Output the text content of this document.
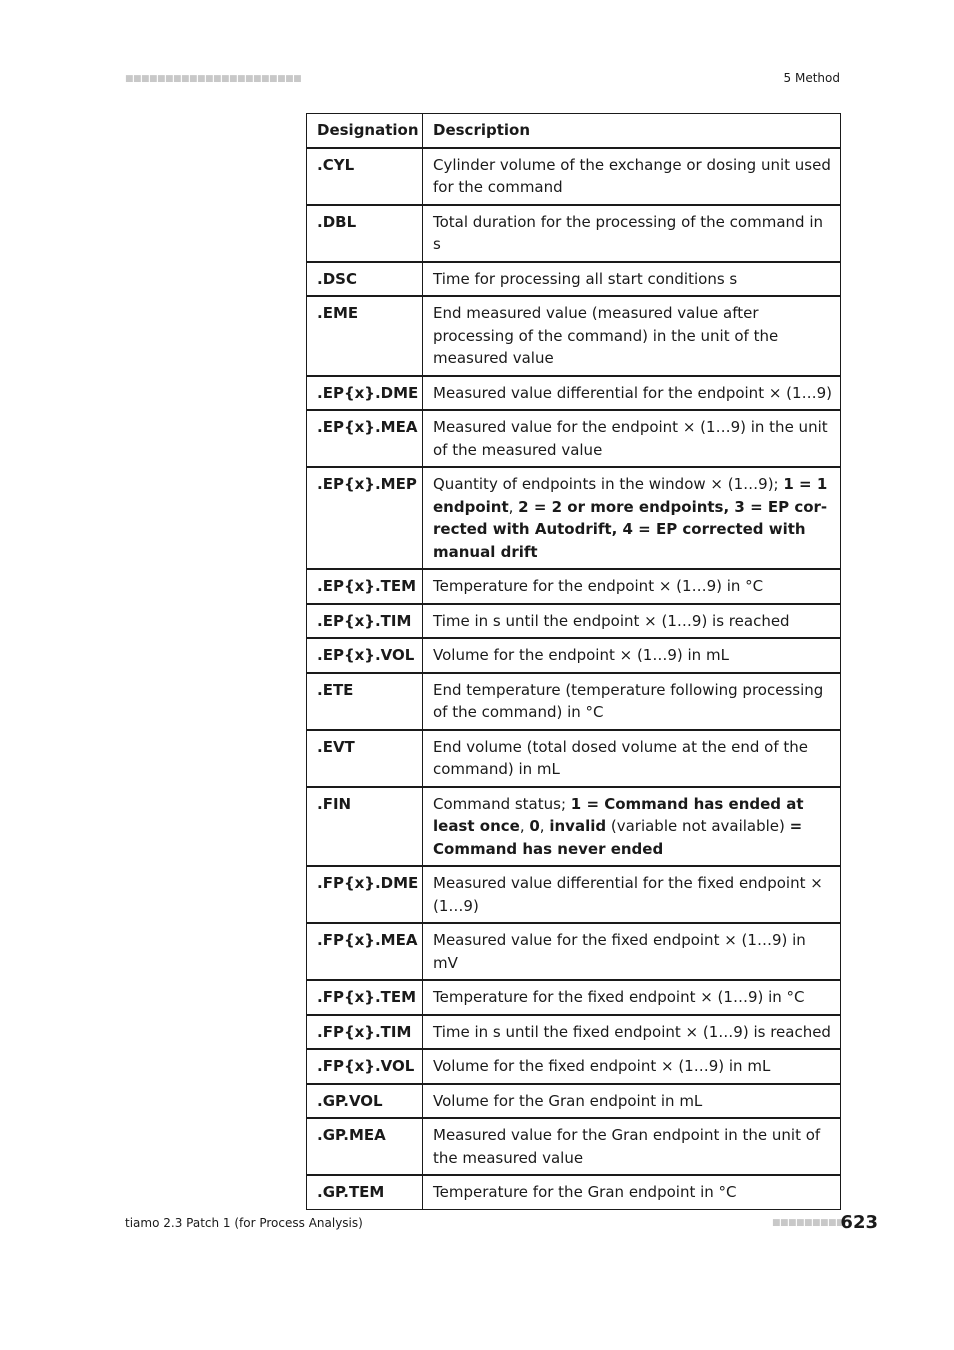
■■■■■■■■■■■■■■■■■■■■■■	5 Method
Designation	Description
.CYL	Cylinder volume of the exchange or dosing unit used for the command
.DBL	Total duration for the processing of the command in s
.DSC	Time for processing all start conditions s
.EME	End measured value (measured value after processing of the command) in the unit of the measured value
.EP{x}.DME	Measured value differential for the endpoint × (1…9)
.EP{x}.MEA	Measured value for the endpoint × (1…9) in the unit of the measured value
.EP{x}.MEP	Quantity of endpoints in the window × (1…9); 1 = 1 endpoint, 2 = 2 or more endpoints, 3 = EP corrected with Autodrift, 4 = EP corrected with manual drift
.EP{x}.TEM	Temperature for the endpoint × (1…9) in °C
.EP{x}.TIM	Time in s until the endpoint × (1…9) is reached
.EP{x}.VOL	Volume for the endpoint × (1…9) in mL
.ETE	End temperature (temperature following processing of the command) in °C
.EVT	End volume (total dosed volume at the end of the command) in mL
.FIN	Command status; 1 = Command has ended at least once, 0, invalid (variable not available) = Command has never ended
.FP{x}.DME	Measured value differential for the fixed endpoint × (1…9)
.FP{x}.MEA	Measured value for the fixed endpoint × (1…9) in mV
.FP{x}.TEM	Temperature for the fixed endpoint × (1…9) in °C
.FP{x}.TIM	Time in s until the fixed endpoint × (1…9) is reached
.FP{x}.VOL	Volume for the fixed endpoint × (1…9) in mL
.GP.VOL	Volume for the Gran endpoint in mL
.GP.MEA	Measured value for the Gran endpoint in the unit of the measured value
.GP.TEM	Temperature for the Gran endpoint in °C
tiamo 2.3 Patch 1 (for Process Analysis)	■■■■■■■■■
623
